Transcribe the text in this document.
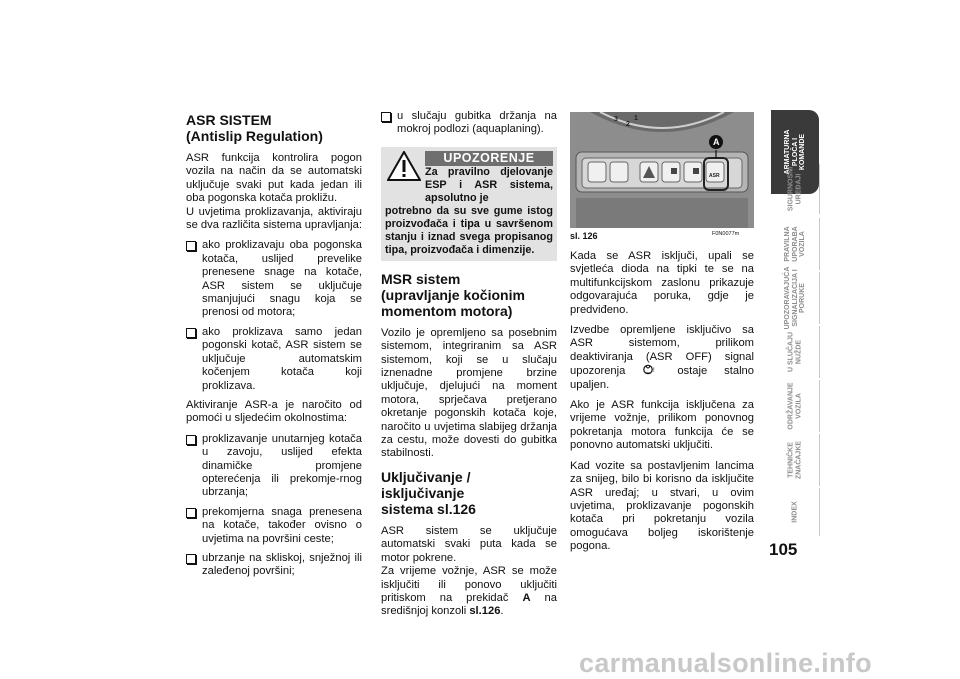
ASR SISTEM
(Antislip Regulation)

ASR funkcija kontrolira pogon vozila na način da se automatski uključuje svaki put kada jedan ili oba pogonska kotača prokližu.

U uvjetima proklizavanja, aktiviraju se dva različita sistema upravljanja:

ako proklizavaju oba pogonska kotača, uslijed prevelike prenesene snage na kotače, ASR sistem se uključuje smanjujući snagu koja se prenosi od motora;
ako proklizava samo jedan pogonski kotač, ASR sistem se uključuje automatskim kočenjem kotača koji proklizava.

Aktiviranje ASR-a je naročito od pomoći u sljedećim okolnostima:

proklizavanje unutarnjeg kotača u zavoju, uslijed efekta dinamičke promjene opterećenja ili prekomje-rnog ubrzanja;
prekomjerna snaga prenesena na kotače, također ovisno o uvjetima na površini ceste;
ubrzanje na skliskoj, snježnoj ili zaleđenoj površini;
u slučaju gubitka držanja na mokroj podlozi (aquaplaning).
UPOZORENJE
Za pravilno djelovanje ESP i ASR sistema, apsolutno je
potrebno da su sve gume istog proizvođača i tipa u savršenom stanju i iznad svega propisanog tipa, proizvođača i dimenzije.
MSR sistem
(upravljanje kočionim
momentom motora)

Vozilo je opremljeno sa posebnim sistemom, integriranim sa ASR sistemom, koji se u slučaju iznenadne promjene brzine uključuje, djelujući na moment motora, sprječava pretjerano okretanje pogonskih kotača koje, naročito u uvjetima slabijeg držanja za cestu, može dovesti do gubitka stabilnosti.

Uključivanje / isključivanje
sistema sl.126

ASR sistem se uključuje automatski svaki puta kada se motor pokrene.

Za vrijeme vožnje, ASR se može isključiti ili ponovo uključiti pritiskom na prekidač A na središnjoj konzoli sl.126.

3
2
1
ASR
A
sl. 126	F0N0077m

Kada se ASR isključi, upali se svjetleća dioda na tipki te se na multifunkcijskom zaslonu prikazuje odgovarajuća poruka, gdje je predviđeno.

Izvedbe opremljene isključivo sa ASR sistemom, prilikom deaktiviranja (ASR OFF) signal upozorenja ! ostaje stalno upaljen.

Ako je ASR funkcija isključena za vrijeme vožnje, prilikom ponovnog pokretanja motora funkcija će se ponovno automatski uključiti.

Kad vozite sa postavljenim lancima za snijeg, bilo bi korisno da isključite ASR uređaj; u stvari, u ovim uvjetima, proklizavanje pogonskih kotača pri pokretanju vozila omogućava boljeg iskorištenje pogona.

ARMATURNA
PLOČA I
KOMANDE
SIGURNOSNI
UREĐAJI
PRAVILNA
UPORABA
VOZILA
UPOZORAVAJUĆA
SIGNALIZACIJA I
PORUKE
U SLUČAJU
NUŽDE
ODRŽAVANJE
VOZILA
TEHNIČKE
ZNAČAJKE
INDEX
105
carmanualsonline.info
